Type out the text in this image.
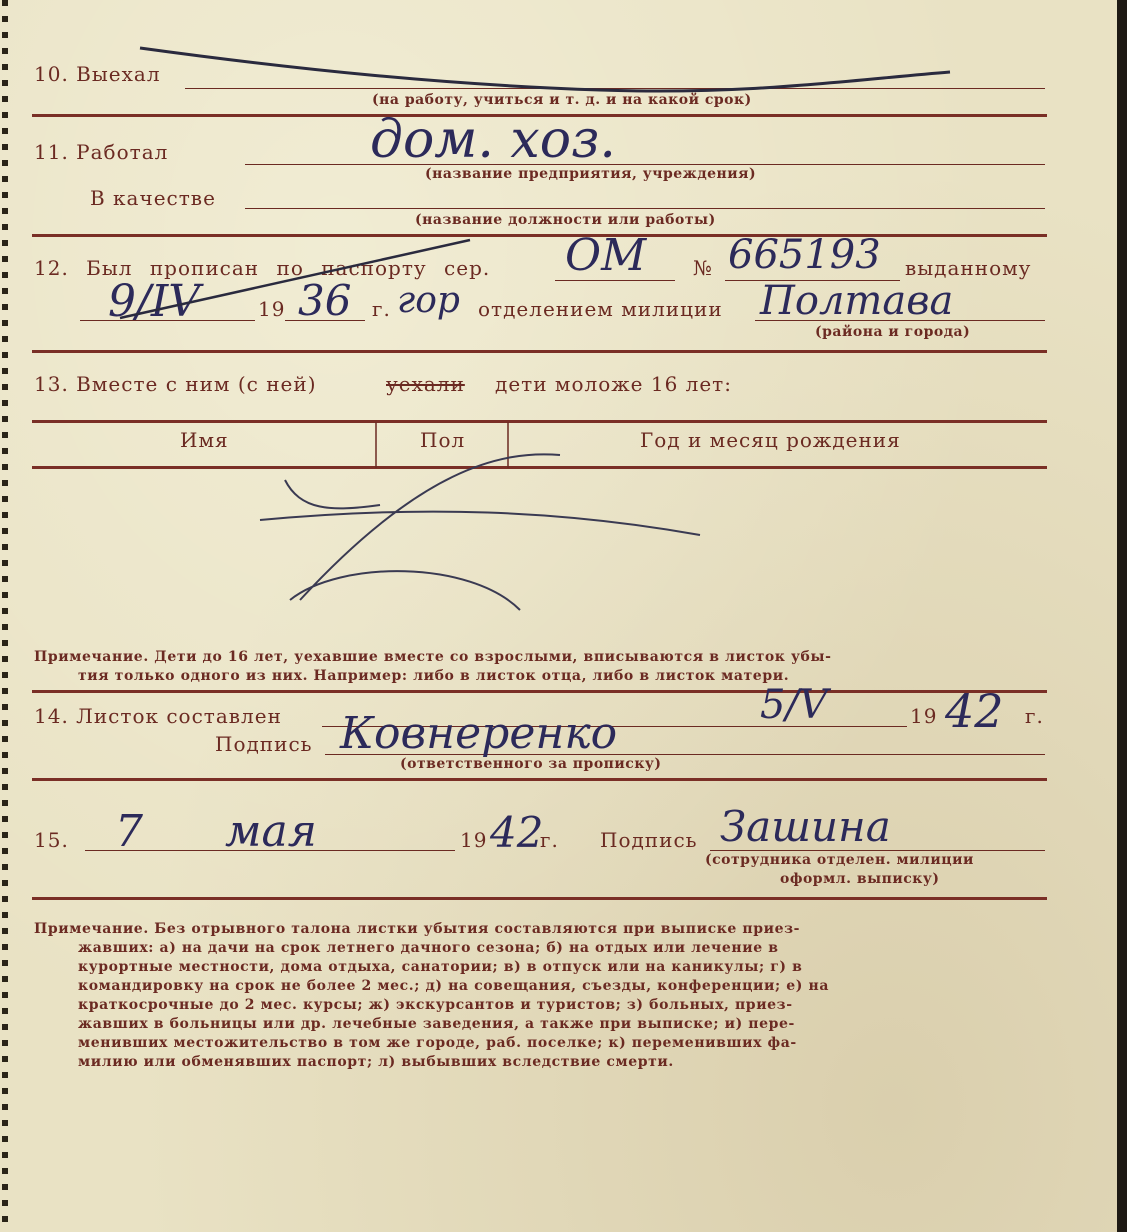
10. Выехал
(на работу, учиться и т. д. и на какой срок)
11. Работал	дом. хоз.
(название предприятия, учреждения)
В качестве
(название должности или работы)
12. Был прописан по паспорту сер. ОМ № 665193 выданному
9/IV	19 36 г. гор отделением милиции Полтава
(района и города)
13. Вместе с ним (с ней)	уехали дети моложе 16 лет:
Имя	Пол	Год и месяц рождения
Примечание. Дети до 16 лет, уехавшие вместе со взрослыми, вписываются в листок убы-
тия только одного из них. Например: либо в листок отца, либо в листок матери.
14. Листок составлен	5/V	19 42 г.
Подпись Ковнеренко
(ответственного за прописку)
15. 7 мая	19 42
г. Подпись Зашина
(сотрудника отделен. милиции
оформл. выписку)
Примечание. Без отрывного талона листки убытия составляются при выписке приез-
жавших: а) на дачи на срок летнего дачного сезона; б) на отдых или лечение в
курортные местности, дома отдыха, санатории; в) в отпуск или на каникулы; г) в
командировку на срок не более 2 мес.; д) на совещания, съезды, конференции; е) на
краткосрочные до 2 мес. курсы; ж) экскурсантов и туристов; з) больных, приез-
жавших в больницы или др. лечебные заведения, а также при выписке; и) пере-
менивших местожительство в том же городе, раб. поселке; к) переменивших фа-
милию или обменявших паспорт; л) выбывших вследствие смерти.
